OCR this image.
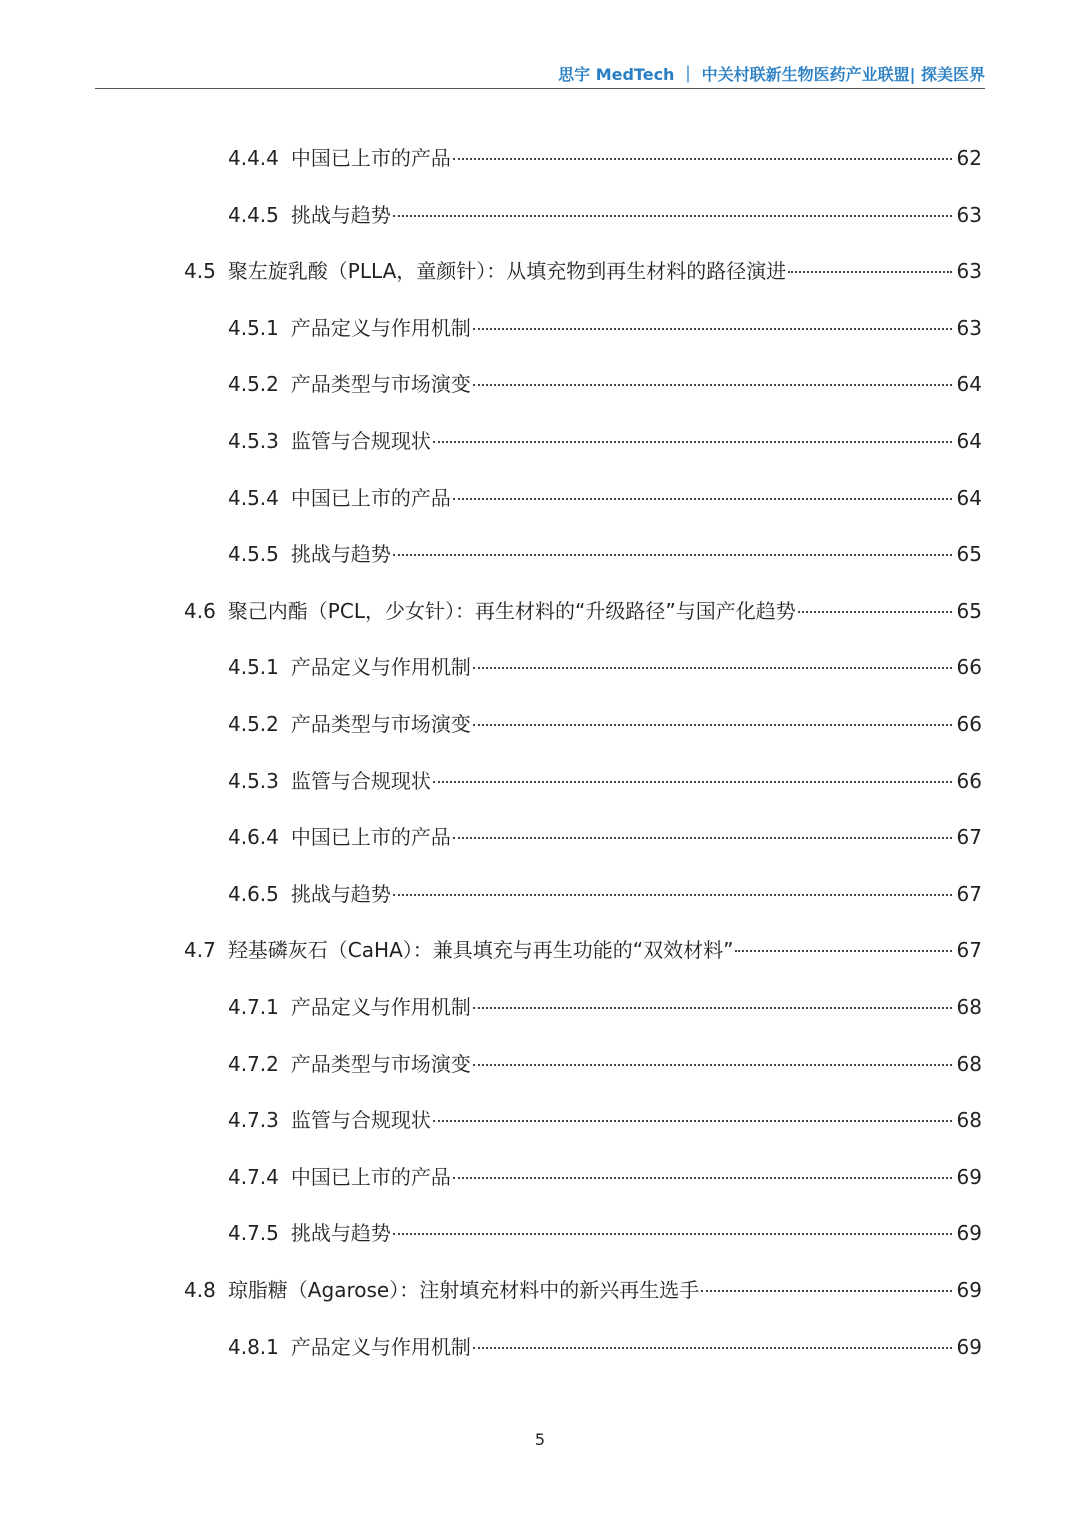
思宇 MedTech ｜ 中关村联新生物医药产业联盟| 探美医界
4.4.4 中国已上市的产品	62
4.4.5 挑战与趋势	63
4.5 聚左旋乳酸（PLLA，童颜针）：从填充物到再生材料的路径演进	63
4.5.1 产品定义与作用机制	63
4.5.2 产品类型与市场演变	64
4.5.3 监管与合规现状	64
4.5.4 中国已上市的产品	64
4.5.5 挑战与趋势	65
4.6 聚己内酯（PCL，少女针）：再生材料的“升级路径”与国产化趋势	65
4.5.1 产品定义与作用机制	66
4.5.2 产品类型与市场演变	66
4.5.3 监管与合规现状	66
4.6.4 中国已上市的产品	67
4.6.5 挑战与趋势	67
4.7 羟基磷灰石（CaHA）：兼具填充与再生功能的“双效材料”	67
4.7.1 产品定义与作用机制	68
4.7.2 产品类型与市场演变	68
4.7.3 监管与合规现状	68
4.7.4 中国已上市的产品	69
4.7.5 挑战与趋势	69
4.8 琼脂糖（Agarose）：注射填充材料中的新兴再生选手	69
4.8.1 产品定义与作用机制	69
5
